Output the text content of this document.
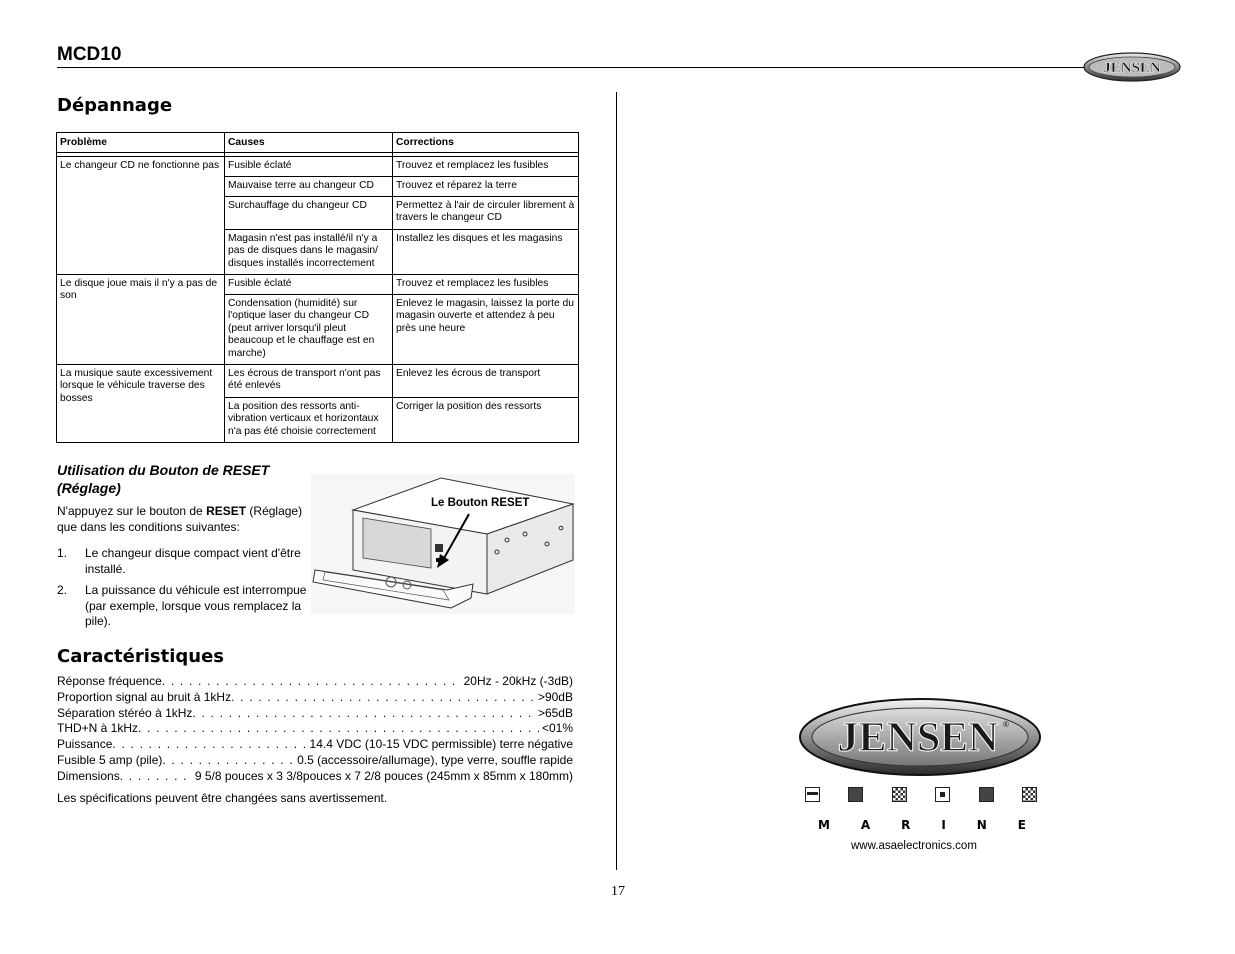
MCD10
JENSEN
Dépannage
Problème	Causes	Corrections

Le changeur CD ne fonctionne pas	Fusible éclaté	Trouvez et remplacez les fusibles
	Mauvaise terre au changeur CD	Trouvez et réparez la terre
	Surchauffage du changeur CD	Permettez à l'air de circuler librement à travers le changeur CD
	Magasin n'est pas installé/il n'y a pas de disques dans le magasin/ disques installés incorrectement	Installez les disques et les magasins
Le disque joue mais il n'y a pas de son	Fusible éclaté	Trouvez et remplacez les fusibles
	Condensation (humidité) sur l'optique laser du changeur CD (peut arriver lorsqu'il pleut beaucoup et le chauffage est en marche)	Enlevez le magasin, laissez la porte du magasin ouverte et attendez à peu près une heure
La musique saute excessivement lorsque le véhicule traverse des bosses	Les écrous de transport n'ont pas été enlevés	Enlevez les écrous de transport
	La position des ressorts anti-vibration verticaux et horizontaux n'a pas été choisie correctement	Corriger la position des ressorts
Utilisation du Bouton de RESET (Réglage)
N'appuyez sur le bouton de RESET (Réglage) que dans les conditions suivantes:
1.	Le changeur disque compact vient d'être installé.
2.	La puissance du véhicule est interrompue (par exemple, lorsque vous remplacez la pile).
Le Bouton RESET
Caractéristiques
Réponse fréquence . . .	20Hz - 20kHz (-3dB)
Proportion signal au bruit à 1kHz . . .	>90dB
Séparation stéréo à 1kHz . . .	>65dB
THD+N à 1kHz . . .	<01%
Puissance . . .	14.4 VDC (10-15 VDC permissible) terre négative
Fusible 5 amp (pile) . . .	0.5 (accessoire/allumage), type verre, souffle rapide
Dimensions . . .	9 5/8 pouces x 3 3/8pouces x 7 2/8 pouces (245mm x 85mm x 180mm)
Les spécifications peuvent être changées sans avertissement.
JENSEN ®
M	A	R	I	N	E
www.asaelectronics.com
17
